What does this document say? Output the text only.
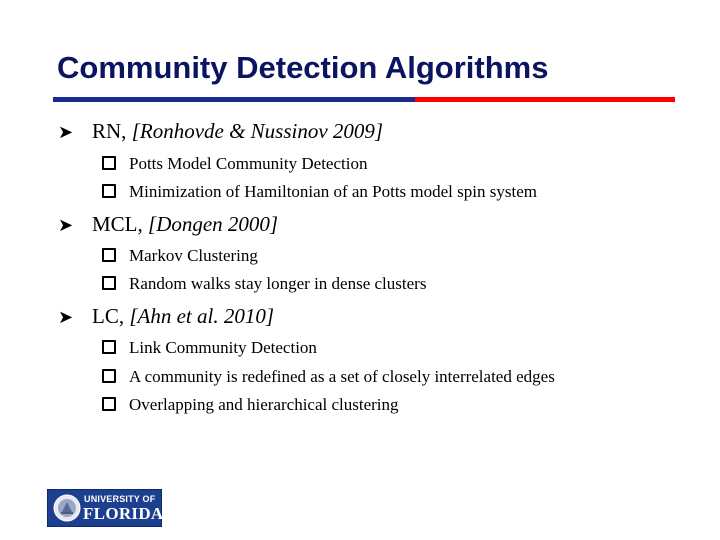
Community Detection Algorithms
➤ RN, [Ronhovde & Nussinov 2009]
Potts Model Community Detection
Minimization of Hamiltonian of an Potts model spin system
➤ MCL, [Dongen 2000]
Markov Clustering
Random walks stay longer in dense clusters
➤ LC, [Ahn et al. 2010]
Link Community Detection
A community is redefined as a set of closely interrelated edges
Overlapping and hierarchical clustering
UNIVERSITY OF
FLORIDA
